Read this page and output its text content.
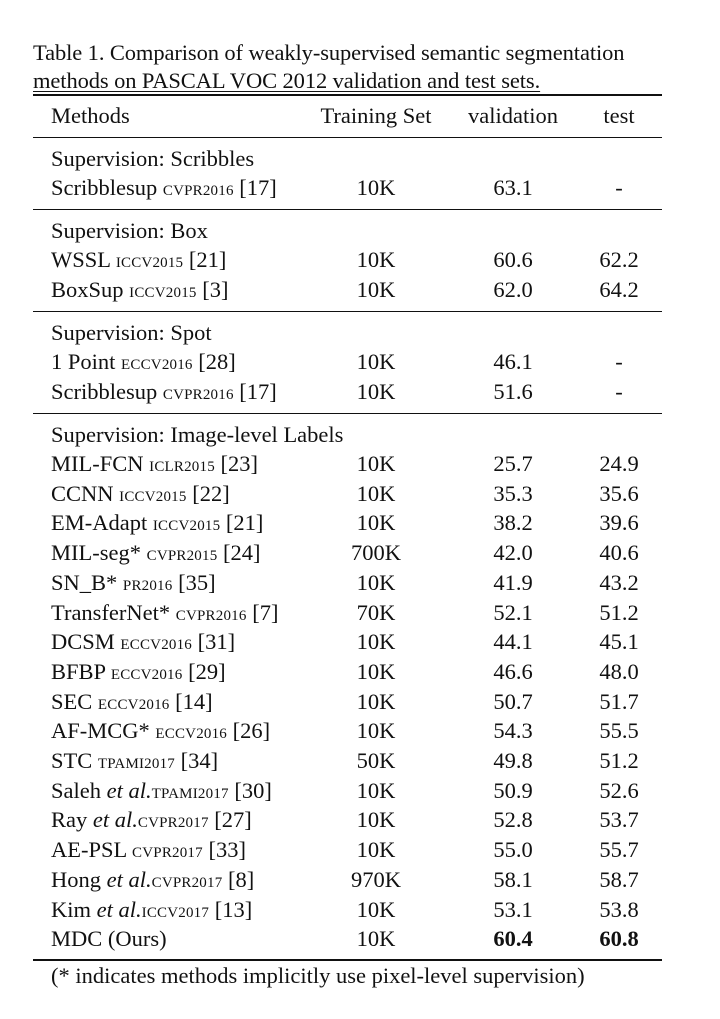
Table 1. Comparison of weakly-supervised semantic segmentation
methods on PASCAL VOC 2012 validation and test sets.
Methods	Training Set	validation	test
Supervision: Scribbles
Scribblesup CVPR2016 [17]	10K	63.1	-
Supervision: Box
WSSL ICCV2015 [21]	10K	60.6	62.2
BoxSup ICCV2015 [3]	10K	62.0	64.2
Supervision: Spot
1 Point ECCV2016 [28]	10K	46.1	-
Scribblesup CVPR2016 [17]	10K	51.6	-
Supervision: Image-level Labels
MIL-FCN ICLR2015 [23]	10K	25.7	24.9
CCNN ICCV2015 [22]	10K	35.3	35.6
EM-Adapt ICCV2015 [21]	10K	38.2	39.6
MIL-seg* CVPR2015 [24]	700K	42.0	40.6
SN_B* PR2016 [35]	10K	41.9	43.2
TransferNet* CVPR2016 [7]	70K	52.1	51.2
DCSM ECCV2016 [31]	10K	44.1	45.1
BFBP ECCV2016 [29]	10K	46.6	48.0
SEC ECCV2016 [14]	10K	50.7	51.7
AF-MCG* ECCV2016 [26]	10K	54.3	55.5
STC TPAMI2017 [34]	50K	49.8	51.2
Saleh et al.TPAMI2017 [30]	10K	50.9	52.6
Ray et al.CVPR2017 [27]	10K	52.8	53.7
AE-PSL CVPR2017 [33]	10K	55.0	55.7
Hong et al.CVPR2017 [8]	970K	58.1	58.7
Kim et al.ICCV2017 [13]	10K	53.1	53.8
MDC (Ours)	10K	60.4	60.8
(* indicates methods implicitly use pixel-level supervision)
